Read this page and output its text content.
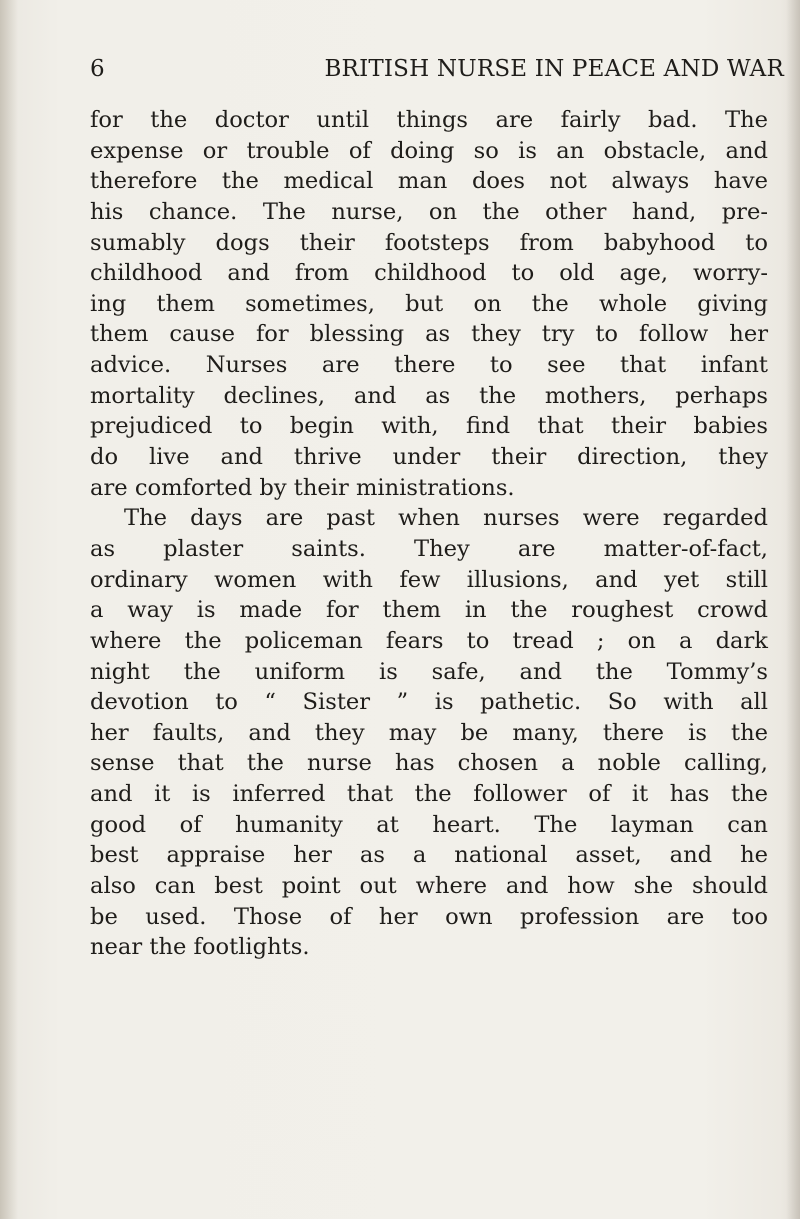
6	BRITISH NURSE IN PEACE AND WAR
for the doctor until things are fairly bad. The
expense or trouble of doing so is an obstacle, and
therefore the medical man does not always have
his chance. The nurse, on the other hand, pre-
sumably dogs their footsteps from babyhood to
childhood and from childhood to old age, worry-
ing them sometimes, but on the whole giving
them cause for blessing as they try to follow her
advice. Nurses are there to see that infant
mortality declines, and as the mothers, perhaps
prejudiced to begin with, find that their babies
do live and thrive under their direction, they
are comforted by their ministrations.
The days are past when nurses were regarded
as plaster saints. They are matter-of-fact,
ordinary women with few illusions, and yet still
a way is made for them in the roughest crowd
where the policeman fears to tread ; on a dark
night the uniform is safe, and the Tommy’s
devotion to “ Sister ” is pathetic. So with all
her faults, and they may be many, there is the
sense that the nurse has chosen a noble calling,
and it is inferred that the follower of it has the
good of humanity at heart. The layman can
best appraise her as a national asset, and he
also can best point out where and how she should
be used. Those of her own profession are too
near the footlights.
